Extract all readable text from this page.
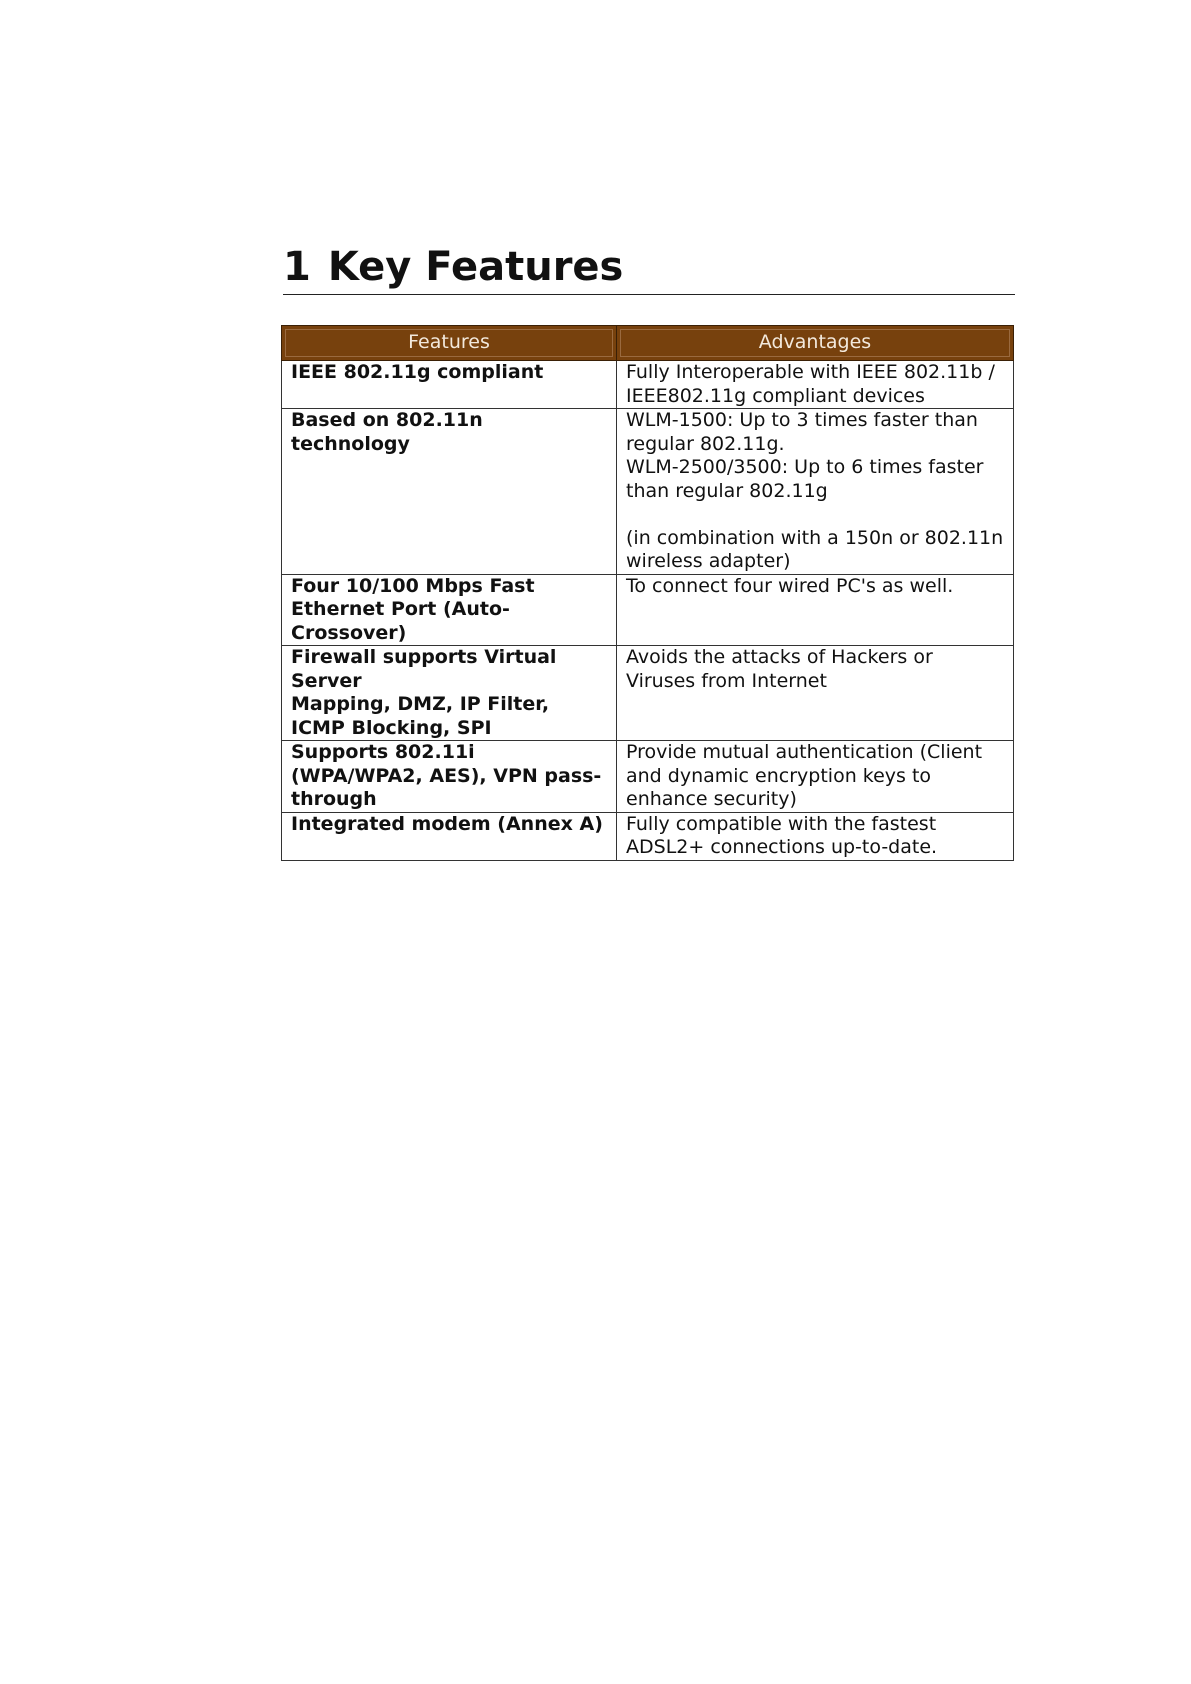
1 Key Features
Features	Advantages
IEEE 802.11g compliant	Fully Interoperable with IEEE 802.11b / IEEE802.11g compliant devices

Based on 802.11n technology	WLM-1500: Up to 3 times faster than regular 802.11g.
WLM-2500/3500: Up to 6 times faster than regular 802.11g
(in combination with a 150n or 802.11n wireless adapter)

Four 10/100 Mbps Fast Ethernet Port (Auto-Crossover)	To connect four wired PC's as well.

Firewall supports Virtual Server
Mapping, DMZ, IP Filter, ICMP Blocking, SPI	Avoids the attacks of Hackers or Viruses from Internet

Supports 802.11i (WPA/WPA2, AES), VPN pass-through	Provide mutual authentication (Client and dynamic encryption keys to enhance security)

Integrated modem (Annex A)	Fully compatible with the fastest ADSL2+ connections up-to-date.
